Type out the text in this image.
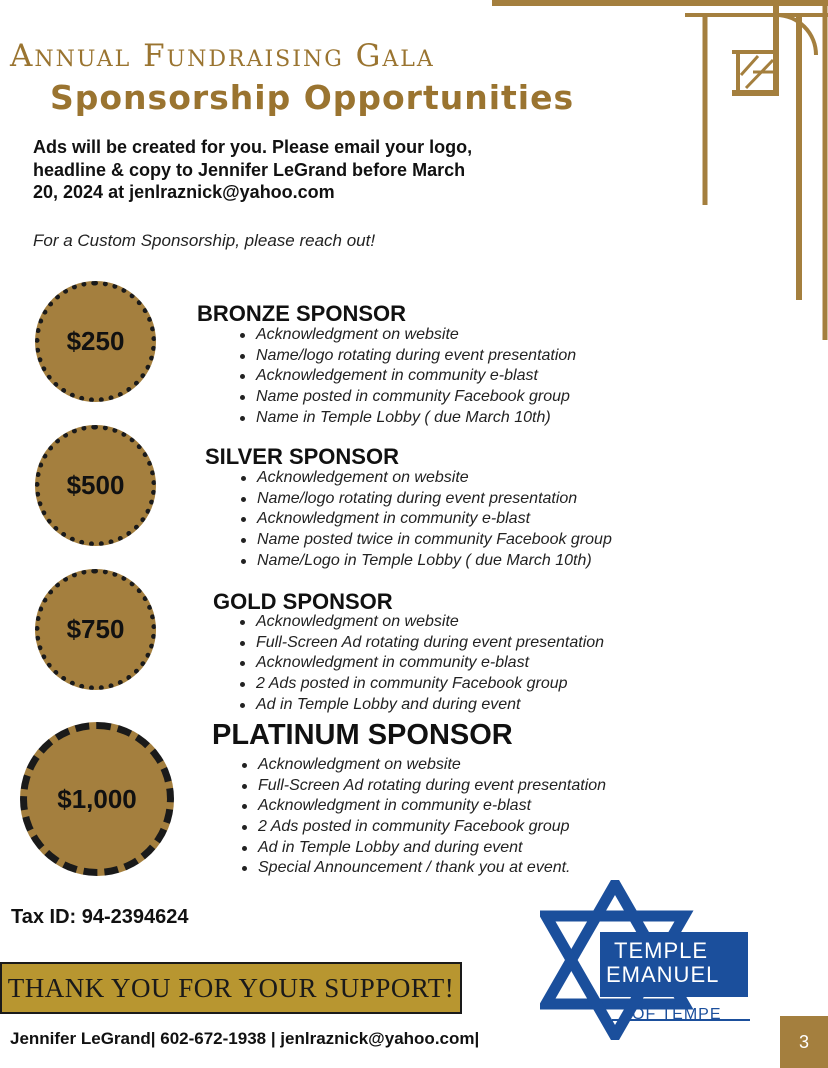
Annual Fundraising Gala
Sponsorship Opportunities
Ads will be created for you. Please email your logo, headline & copy to Jennifer LeGrand before March 20, 2024 at jenlraznick@yahoo.com
For a Custom Sponsorship, please reach out!
$250
BRONZE SPONSOR
Acknowledgment on website
Name/logo rotating during event presentation
Acknowledgement in community e-blast
Name posted in community Facebook group
Name in Temple Lobby ( due March 10th)
$500
SILVER SPONSOR
Acknowledgement on website
Name/logo rotating during event presentation
Acknowledgment in community e-blast
Name posted twice in community Facebook group
Name/Logo in Temple Lobby ( due March 10th)
$750
GOLD SPONSOR
Acknowledgment on website
Full-Screen Ad rotating during event presentation
Acknowledgment in community e-blast
2 Ads posted in community Facebook group
Ad in Temple Lobby and during event
$1,000
PLATINUM SPONSOR
Acknowledgment on website
Full-Screen Ad rotating during event presentation
Acknowledgment in community e-blast
2 Ads posted in community Facebook group
Ad in Temple Lobby and during event
Special Announcement / thank you at event.
Tax ID: 94-2394624
THANK YOU FOR YOUR SUPPORT!
Jennifer LeGrand| 602-672-1938 | jenlraznick@yahoo.com|
TEMPLE
EMANUEL
OF TEMPE
3
